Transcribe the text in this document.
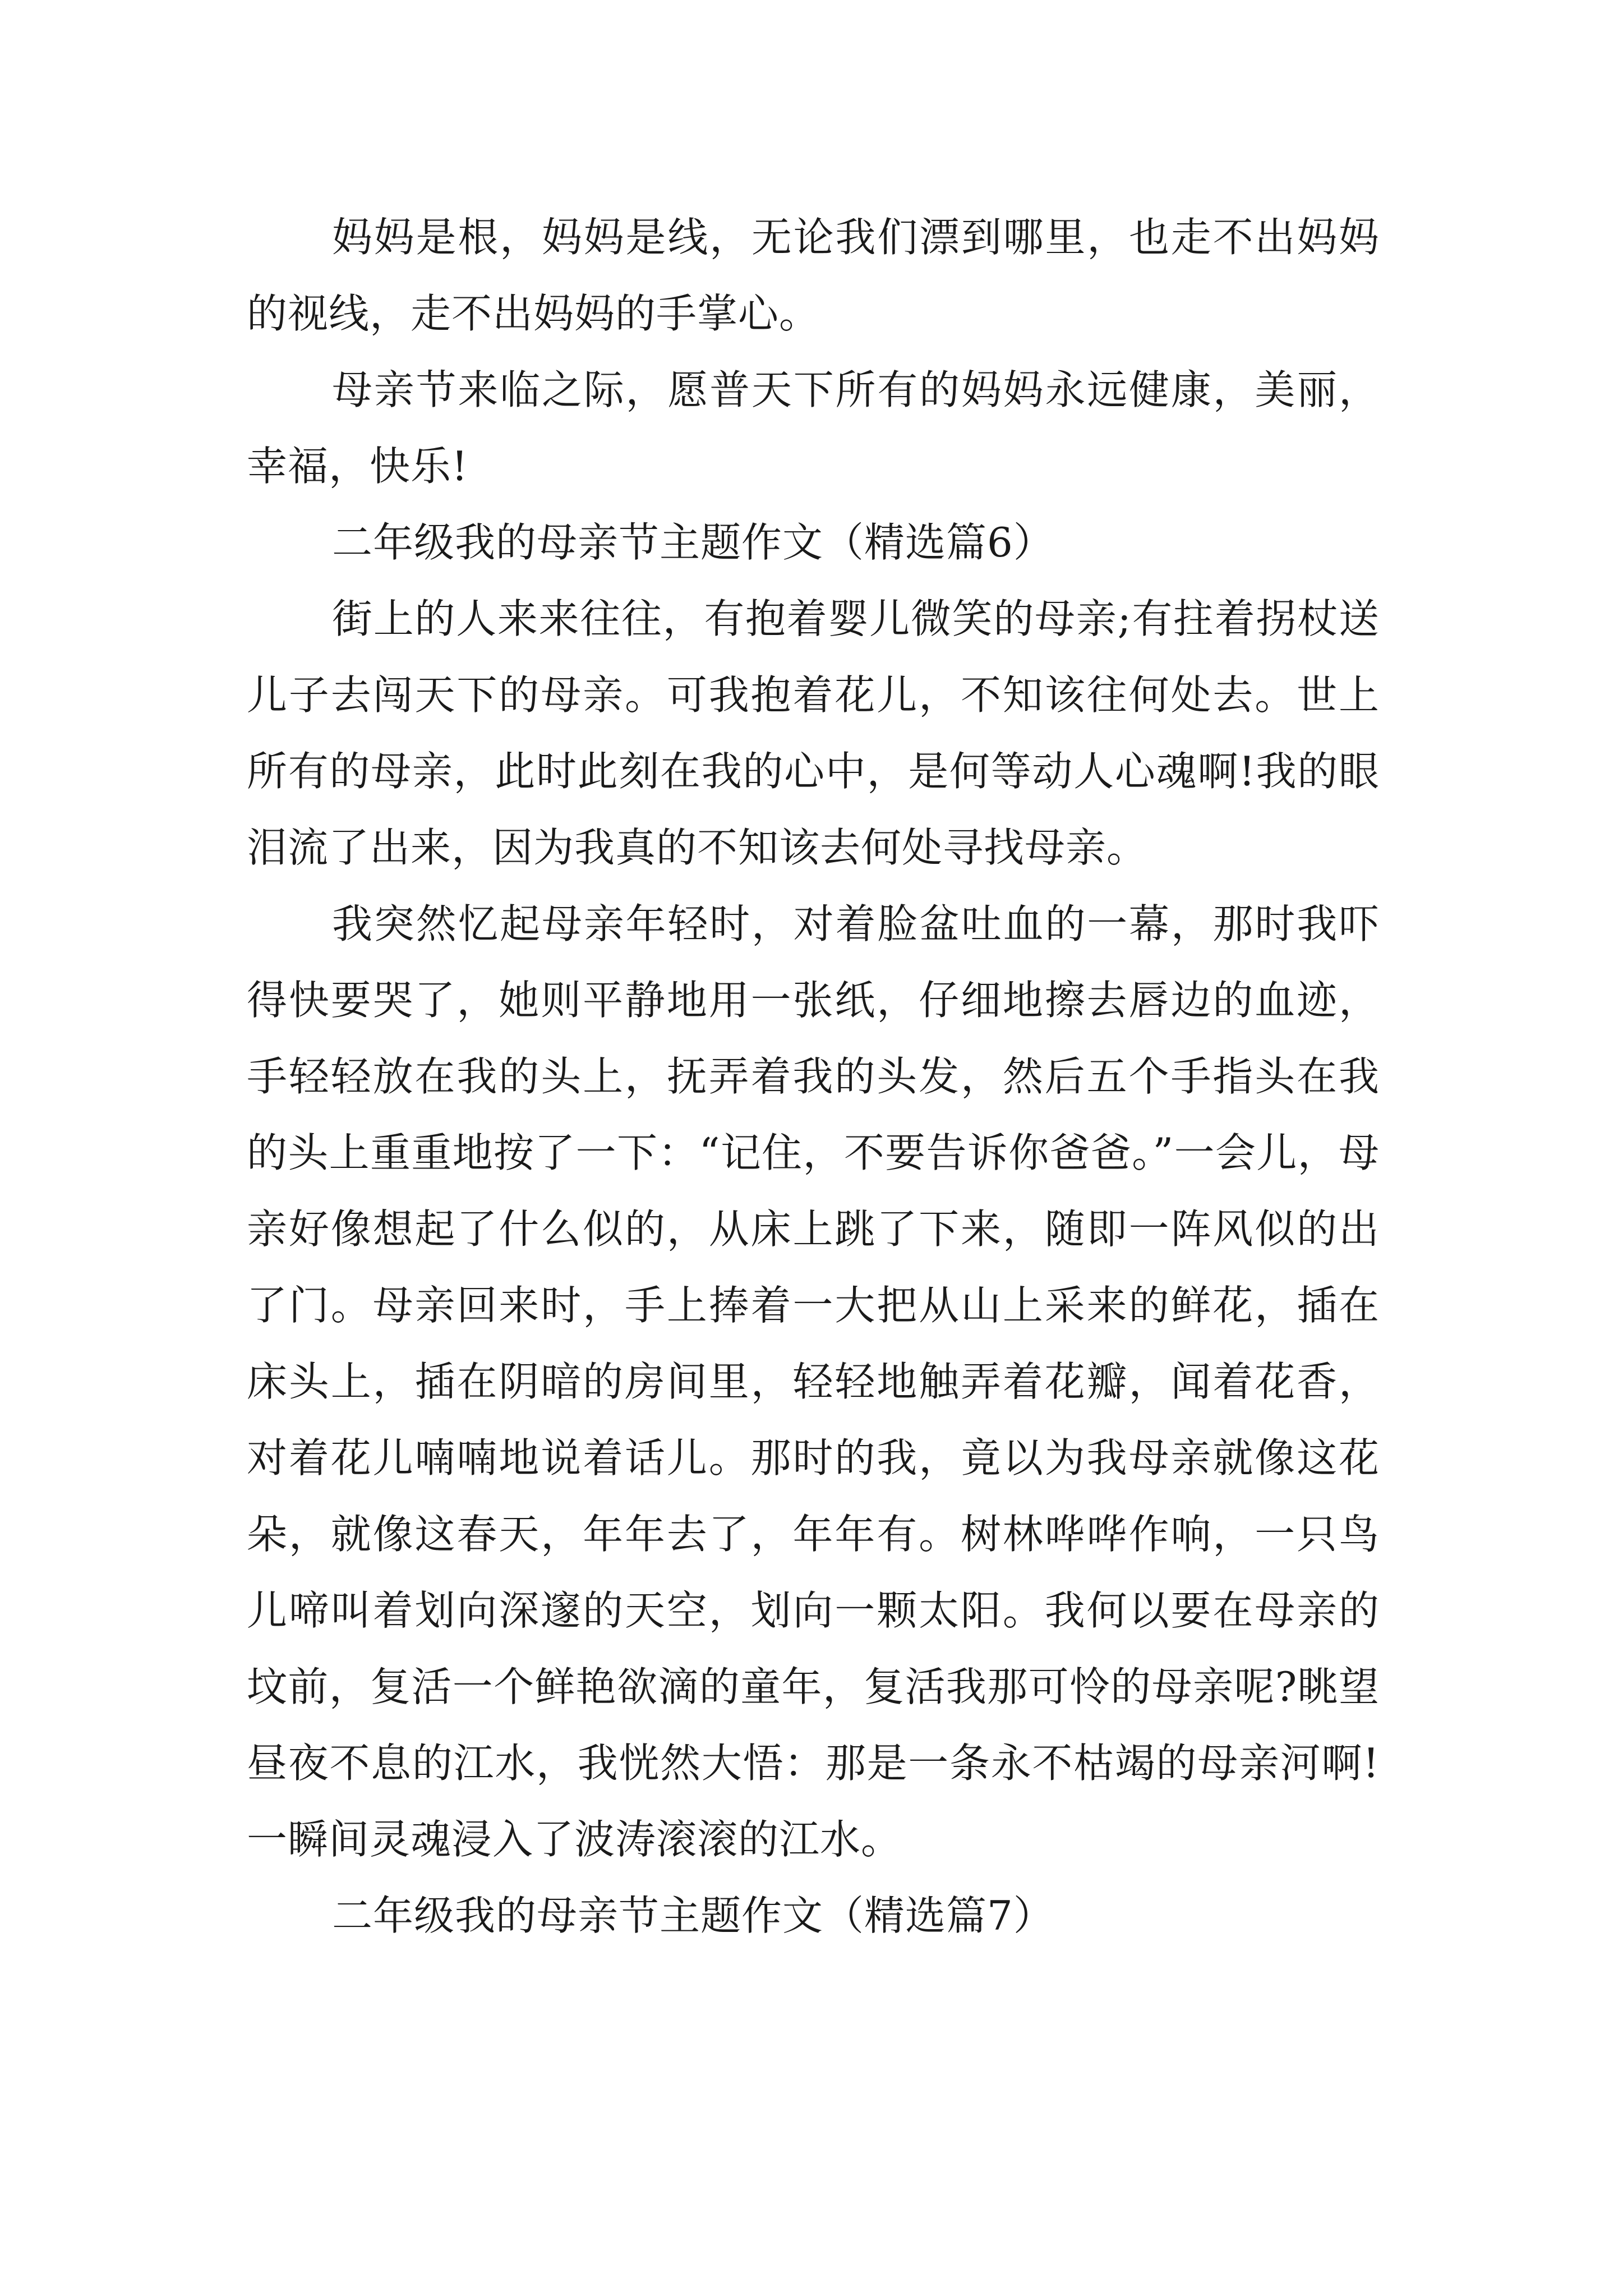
妈妈是根，妈妈是线，无论我们漂到哪里，也走不出妈妈的视线，走不出妈妈的手掌心。

母亲节来临之际，愿普天下所有的妈妈永远健康，美丽，幸福，快乐!

二年级我的母亲节主题作文（精选篇6）

街上的人来来往往，有抱着婴儿微笑的母亲;有拄着拐杖送儿子去闯天下的母亲。可我抱着花儿，不知该往何处去。世上所有的母亲，此时此刻在我的心中，是何等动人心魂啊!我的眼泪流了出来，因为我真的不知该去何处寻找母亲。

我突然忆起母亲年轻时，对着脸盆吐血的一幕，那时我吓得快要哭了，她则平静地用一张纸，仔细地擦去唇边的血迹，手轻轻放在我的头上，抚弄着我的头发，然后五个手指头在我的头上重重地按了一下：“记住，不要告诉你爸爸。”一会儿，母亲好像想起了什么似的，从床上跳了下来，随即一阵风似的出了门。母亲回来时，手上捧着一大把从山上采来的鲜花，插在床头上，插在阴暗的房间里，轻轻地触弄着花瓣，闻着花香，对着花儿喃喃地说着话儿。那时的我，竟以为我母亲就像这花朵，就像这春天，年年去了，年年有。树林哗哗作响，一只鸟儿啼叫着划向深邃的天空，划向一颗太阳。我何以要在母亲的坟前，复活一个鲜艳欲滴的童年，复活我那可怜的母亲呢?眺望昼夜不息的江水，我恍然大悟：那是一条永不枯竭的母亲河啊!一瞬间灵魂浸入了波涛滚滚的江水。

二年级我的母亲节主题作文（精选篇7）
